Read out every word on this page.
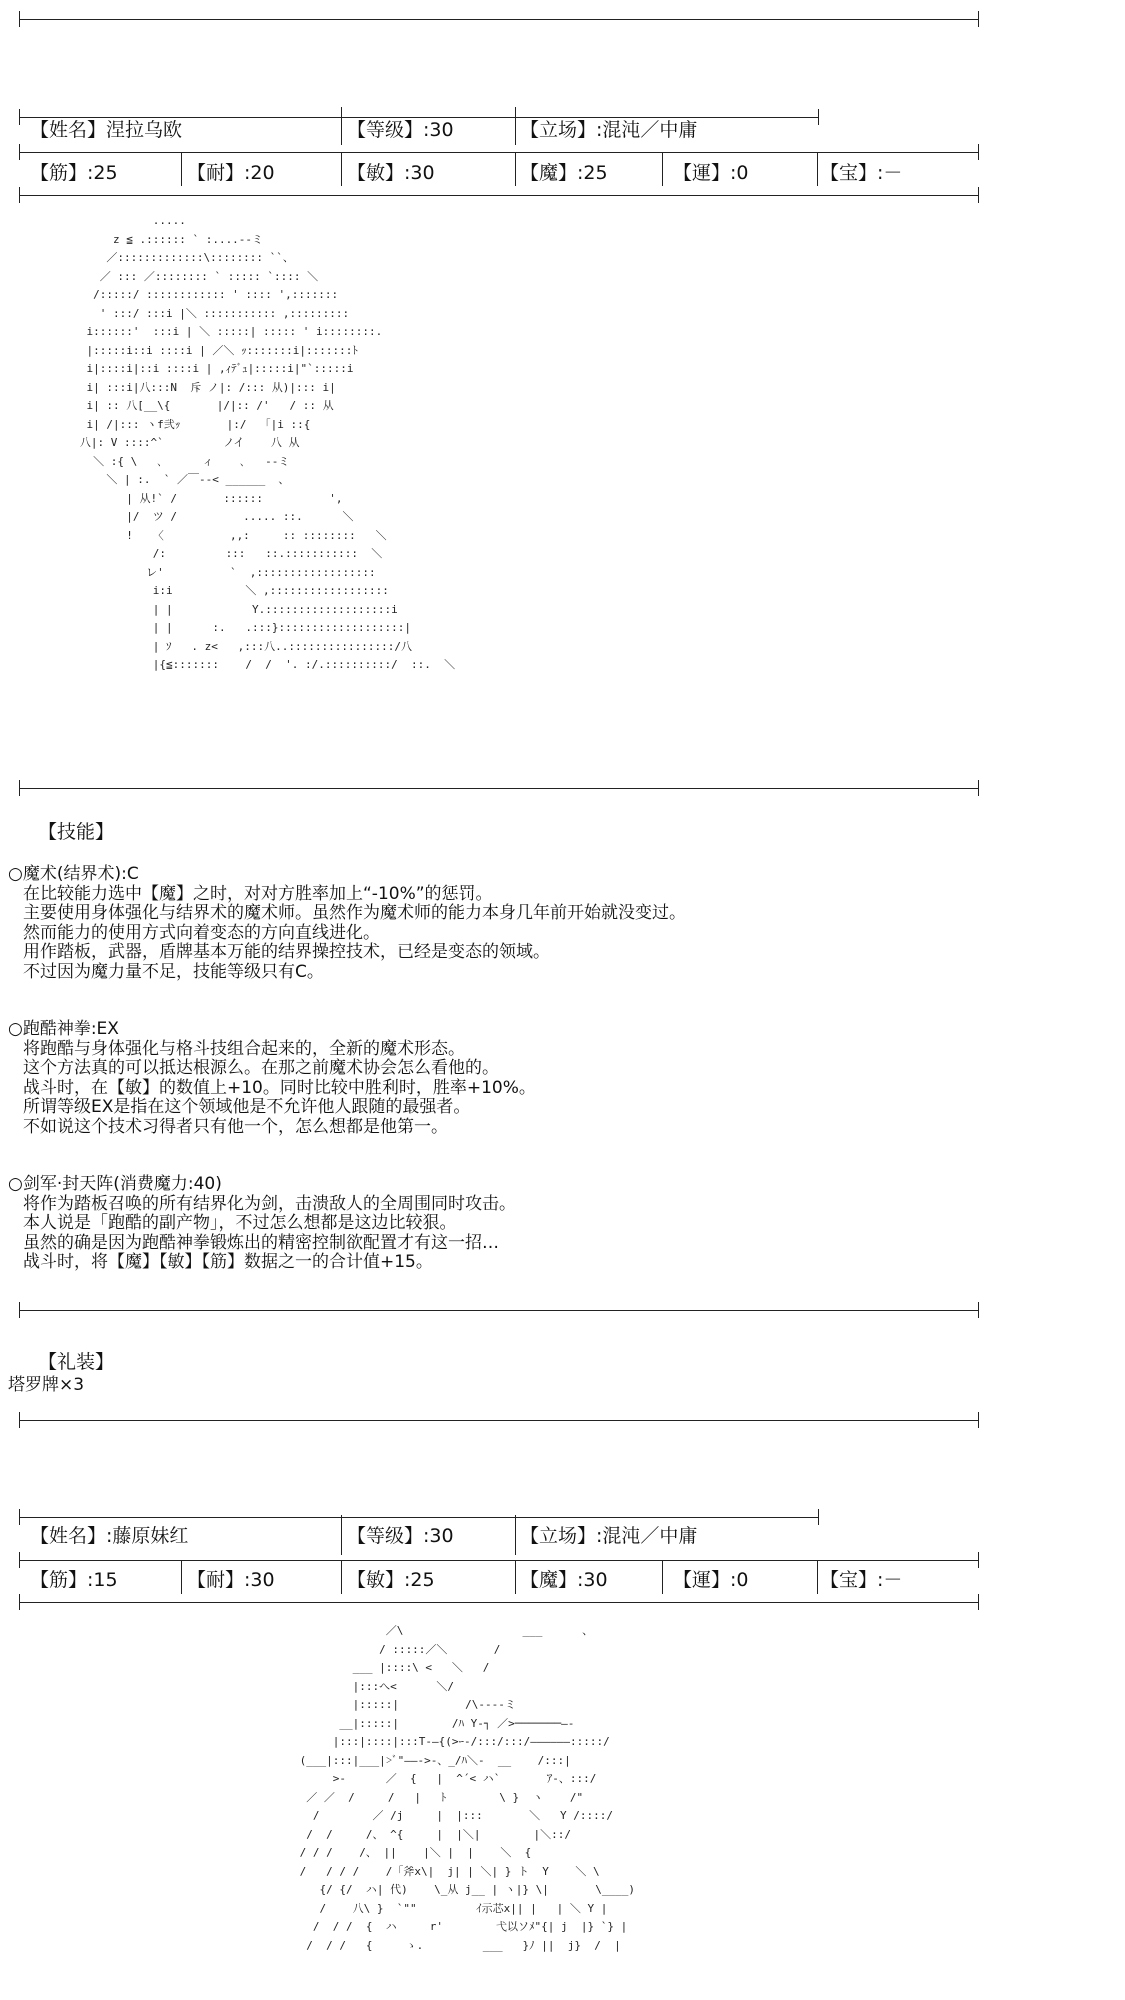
【姓名】涅拉乌欧	【等级】:30	【立场】:混沌／中庸
【筋】:25	【耐】:20	【敏】:30	【魔】:25	【運】:0	【宝】:－
.....
z ≦ .:::::: ` :....--ミ
／:::::::::::::\:::::::: ``、
／ ::: ／:::::::: ` ::::: `:::: ＼
/:::::/ :::::::::::: ' :::: ',:::::::
' :::/ :::i |＼ ::::::::::: ,:::::::::
i::::::'  :::i | ＼ :::::| ::::: ' i::::::::.
|:::::i::i ::::i | ／＼ ｯ:::::::i|:::::::ﾄ
i|::::i|::i ::::i | ,ｨﾃﾞｭ|:::::i|"`:::::i
i| :::i|八:::N  斥 ノ|: /::: 从)|::: i|
i| :: 八[__\{       |/|:: /'   / :: 从
i| /|::: ヽf弐ｯ       |:/  「|i ::{
八|: V ::::^`         ノイ    八 从
＼ :{ \   ､      ィ    ､   --ミ
＼ | :.  ` ／￣--< ______  、
| 从!` /       ::::::          ',
|/  ツ /          ..... ::.      ＼
!   〈          ,,:     :: ::::::::   ＼
/:         :::   ::.:::::::::::  ＼
レ'          `  ,::::::::::::::::::
i:i           ＼ ,::::::::::::::::::
| |            Y.:::::::::::::::::::i
| |      :.   .:::}:::::::::::::::::::|
| ｿ   . z<   ,:::八..::::::::::::::::/八
|{≦:::::::    /  /  '. :/.::::::::::/  ::.  ＼
【技能】
○魔术(结界术):C
在比较能力选中【魔】之时，对对方胜率加上“-10%”的惩罚。
主要使用身体强化与结界术的魔术师。虽然作为魔术师的能力本身几年前开始就没变过。
然而能力的使用方式向着变态的方向直线进化。
用作踏板，武器，盾牌基本万能的结界操控技术，已经是变态的领域。
不过因为魔力量不足，技能等级只有C。
○跑酷神拳:EX
将跑酷与身体强化与格斗技组合起来的，全新的魔术形态。
这个方法真的可以抵达根源么。在那之前魔术协会怎么看他的。
战斗时，在【敏】的数值上+10。同时比较中胜利时，胜率+10%。
所谓等级EX是指在这个领域他是不允许他人跟随的最强者。
不如说这个技术习得者只有他一个，怎么想都是他第一。
○剑军·封天阵(消费魔力:40)
将作为踏板召唤的所有结界化为剑，击溃敌人的全周围同时攻击。
本人说是「跑酷的副产物」，不过怎么想都是这边比较狠。
虽然的确是因为跑酷神拳锻炼出的精密控制欲配置才有这一招…
战斗时，将【魔】【敏】【筋】数据之一的合计值+15。
【礼装】
塔罗牌×3
【姓名】:藤原妹红	【等级】:30	【立场】:混沌／中庸
【筋】:15	【耐】:30	【敏】:25	【魔】:30	【運】:0	【宝】:－
／\                  ___      、
/ :::::／＼       /
___ |::::\ <   ＼   /
|:::へ<      ＼/
|:::::|          /\--‐‐ミ
__|:::::|        /ﾊ Y‐┐ ／>───────―-
|:::|::::|:::T‐―{(>ｰ‐/:::/:::/――――――:::::/
(___|:::|___|>ﾞ"――‐>-、_/ﾊ＼-  __    /:::|
>-      ／  {   |  ^´< ハ`       ｱ-、:::/
／ ／  /     /   |   ﾄ        \ }  ヽ    /"
/        ／ /j     |  |:::       ＼   Y /::::/
/  /     /、 ^{     |  |＼|        |＼::/
/ / /    /、 ||    |＼ |  |    ＼  {
/   / / /    /「斧x\|  j| | ＼| } ト  Y    ＼ \
{/ {/  ハ| 代)    \_从 j__ | ヽ|} \|       \____)
/    八\ }  `""         ｲ示芯x|| |   | ＼ Y |
/  / /  {  ハ     r'        弋以ソﾒ"{| j  |} `} |
/  / /   {     ゝ.         ___   }ﾉ ||  j}  /  |
